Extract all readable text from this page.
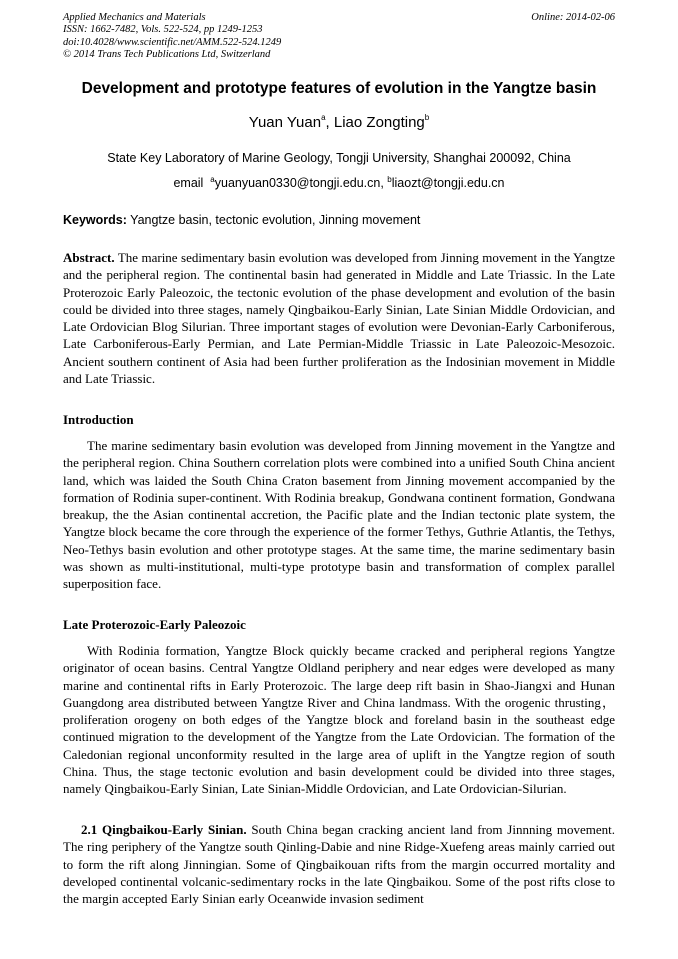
Applied Mechanics and Materials
ISSN: 1662-7482, Vols. 522-524, pp 1249-1253
doi:10.4028/www.scientific.net/AMM.522-524.1249
© 2014 Trans Tech Publications Ltd, Switzerland
Online: 2014-02-06
Development and prototype features of evolution in the Yangtze basin
Yuan Yuan$^a$, Liao Zongting$^b$
State Key Laboratory of Marine Geology, Tongji University, Shanghai 200092, China
email $^a$yuanyuan0330@tongji.edu.cn, $^b$liaozt@tongji.edu.cn
Keywords: Yangtze basin, tectonic evolution, Jinning movement

Abstract. The marine sedimentary basin evolution was developed from Jinning movement in the Yangtze and the peripheral region. The continental basin had generated in Middle and Late Triassic. In the Late Proterozoic Early Paleozoic, the tectonic evolution of the phase development and evolution of the basin could be divided into three stages, namely Qingbaikou-Early Sinian, Late Sinian Middle Ordovician, and Late Ordovician Blog Silurian. Three important stages of evolution were Devonian-Early Carboniferous, Late Carboniferous-Early Permian, and Late Permian-Middle Triassic in Late Paleozoic-Mesozoic. Ancient southern continent of Asia had been further proliferation as the Indosinian movement in Middle and Late Triassic.

Introduction

The marine sedimentary basin evolution was developed from Jinning movement in the Yangtze and the peripheral region. China Southern correlation plots were combined into a unified South China ancient land, which was laided the South China Craton basement from Jinning movement accompanied by the formation of Rodinia super-continent. With Rodinia breakup, Gondwana continent formation, Gondwana breakup, the the Asian continental accretion, the Pacific plate and the Indian tectonic plate system, the Yangtze block became the core through the experience of the former Tethys, Guthrie Atlantis, the Tethys, Neo-Tethys basin evolution and other prototype stages. At the same time, the marine sedimentary basin was shown as multi-institutional, multi-type prototype basin and transformation of complex parallel superposition face.

Late Proterozoic-Early Paleozoic

With Rodinia formation, Yangtze Block quickly became cracked and peripheral regions Yangtze originator of ocean basins. Central Yangtze Oldland periphery and near edges were developed as many marine and continental rifts in Early Proterozoic. The large deep rift basin in Shao-Jiangxi and Hunan Guangdong area distributed between Yangtze River and China landmass. With the orogenic thrusting，proliferation orogeny on both edges of the Yangtze block and foreland basin in the southeast edge continued migration to the development of the Yangtze from the Late Ordovician. The formation of the Caledonian regional unconformity resulted in the large area of uplift in the Yangtze region of south China. Thus, the stage tectonic evolution and basin development could be divided into three stages, namely Qingbaikou-Early Sinian, Late Sinian-Middle Ordovician, and Late Ordovician-Silurian.

2.1 Qingbaikou-Early Sinian. South China began cracking ancient land from Jinnning movement. The ring periphery of the Yangtze south Qinling-Dabie and nine Ridge-Xuefeng areas mainly carried out to form the rift along Jinningian. Some of Qingbaikouan rifts from the margin occurred mortality and developed continental volcanic-sedimentary rocks in the late Qingbaikou. Some of the post rifts close to the margin accepted Early Sinian early Oceanwide invasion sediment
